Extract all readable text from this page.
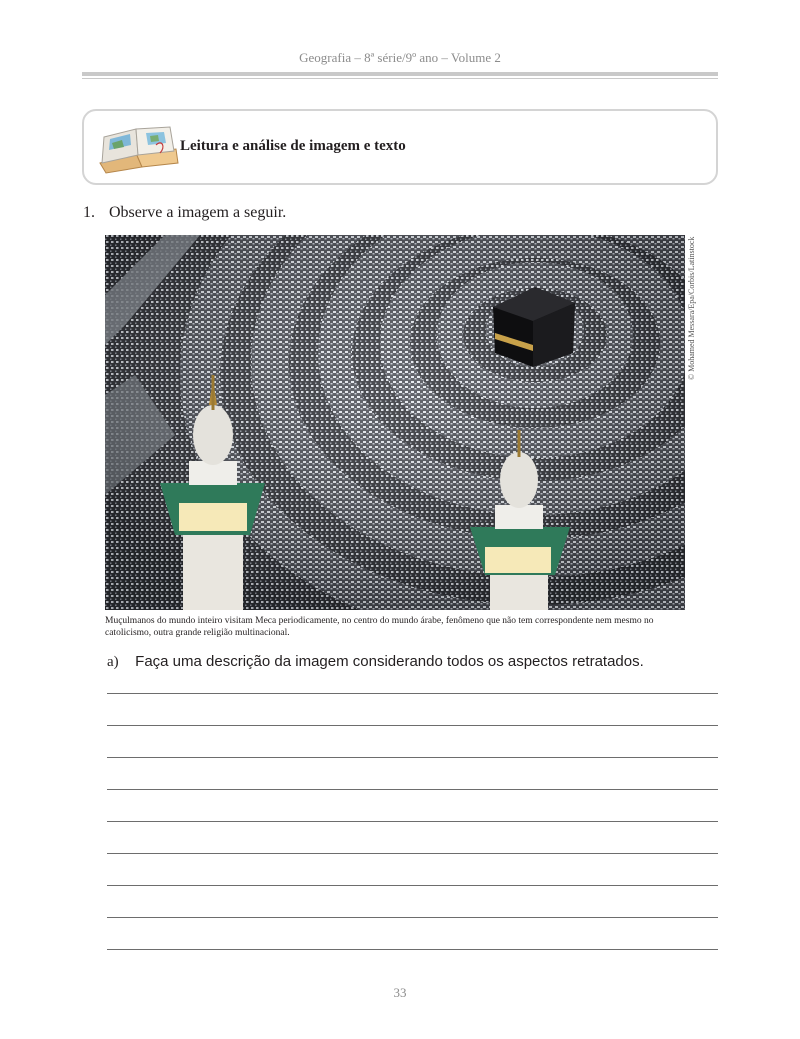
Geografia – 8ª série/9º ano – Volume 2
Leitura e análise de imagem e texto
1. Observe a imagem a seguir.
© Mohamed Messara/Epa/Corbis/Latinstock
Muçulmanos do mundo inteiro visitam Meca periodicamente, no centro do mundo árabe, fenômeno que não tem correspondente nem mesmo no catolicismo, outra grande religião multinacional.
a) Faça uma descrição da imagem considerando todos os aspectos retratados.
33
